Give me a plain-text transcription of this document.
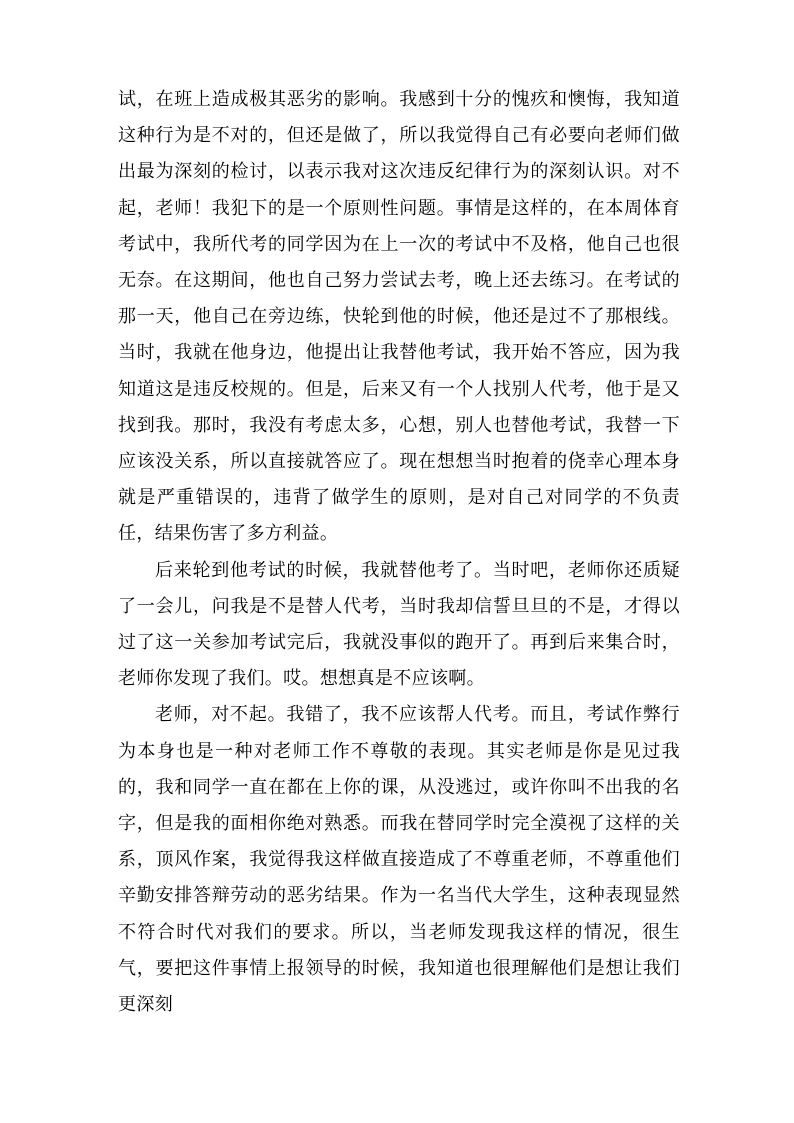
试，在班上造成极其恶劣的影响。我感到十分的愧疚和懊悔，我知道这种行为是不对的，但还是做了，所以我觉得自己有必要向老师们做出最为深刻的检讨，以表示我对这次违反纪律行为的深刻认识。对不起，老师！我犯下的是一个原则性问题。事情是这样的，在本周体育考试中，我所代考的同学因为在上一次的考试中不及格，他自己也很无奈。在这期间，他也自己努力尝试去考，晚上还去练习。在考试的那一天，他自己在旁边练，快轮到他的时候，他还是过不了那根线。当时，我就在他身边，他提出让我替他考试，我开始不答应，因为我知道这是违反校规的。但是，后来又有一个人找别人代考，他于是又找到我。那时，我没有考虑太多，心想，别人也替他考试，我替一下应该没关系，所以直接就答应了。现在想想当时抱着的侥幸心理本身就是严重错误的，违背了做学生的原则，是对自己对同学的不负责任，结果伤害了多方利益。

后来轮到他考试的时候，我就替他考了。当时吧，老师你还质疑了一会儿，问我是不是替人代考，当时我却信誓旦旦的不是，才得以过了这一关参加考试完后，我就没事似的跑开了。再到后来集合时，老师你发现了我们。哎。想想真是不应该啊。

老师，对不起。我错了，我不应该帮人代考。而且，考试作弊行为本身也是一种对老师工作不尊敬的表现。其实老师是你是见过我的，我和同学一直在都在上你的课，从没逃过，或许你叫不出我的名字，但是我的面相你绝对熟悉。而我在替同学时完全漠视了这样的关系，顶风作案，我觉得我这样做直接造成了不尊重老师，不尊重他们辛勤安排答辩劳动的恶劣结果。作为一名当代大学生，这种表现显然不符合时代对我们的要求。所以，当老师发现我这样的情况，很生气，要把这件事情上报领导的时候，我知道也很理解他们是想让我们更深刻
